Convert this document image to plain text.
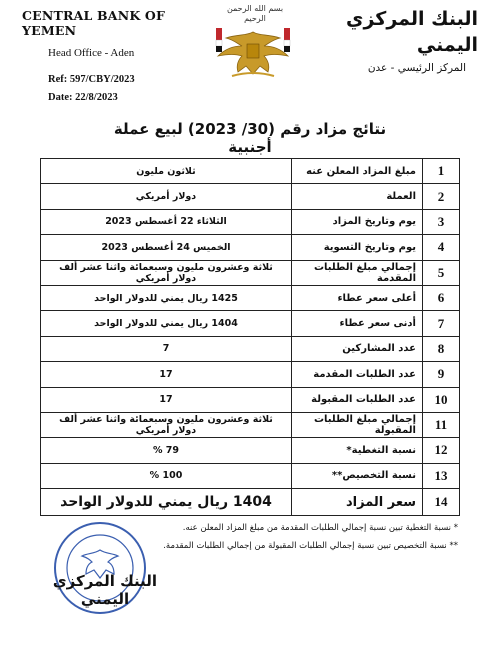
CENTRAL BANK OF YEMEN
Head Office - Aden
Ref: 597/CBY/2023
Date: 22/8/2023
بسم الله الرحمن الرحيم	البنك المركزي اليمني
المركز الرئيسي - عدن
نتائج مزاد رقم (30/ 2023) لبيع عملة أجنبية
1	مبلغ المزاد المعلن عنه	ثلاثون مليون
2	العملة	دولار أمريكي
3	يوم وتاريخ المزاد	الثلاثاء 22 أغسطس 2023
4	يوم وتاريخ التسوية	الخميس 24 أغسطس 2023
5	إجمالي مبلغ الطلبات المقدمة	ثلاثة وعشرون مليون وسبعمائة واثنا عشر ألف دولار أمريكي
6	أعلى سعر عطاء	1425 ريال يمني للدولار الواحد
7	أدنى سعر عطاء	1404 ريال يمني للدولار الواحد
8	عدد المشاركين	7
9	عدد الطلبات المقدمة	17
10	عدد الطلبات المقبولة	17
11	إجمالي مبلغ الطلبات المقبولة	ثلاثة وعشرون مليون وسبعمائة واثنا عشر ألف دولار أمريكي
12	نسبة التغطية*	79 %
13	نسبة التخصيص**	100 %
14	سعر المزاد	1404 ريال يمني للدولار الواحد
* نسبة التغطية تبين نسبة إجمالي الطلبات المقدمة من مبلغ المزاد المعلن عنه.
** نسبة التخصيص تبين نسبة إجمالي الطلبات المقبولة من إجمالي الطلبات المقدمة.
البنك المركزي اليمني
